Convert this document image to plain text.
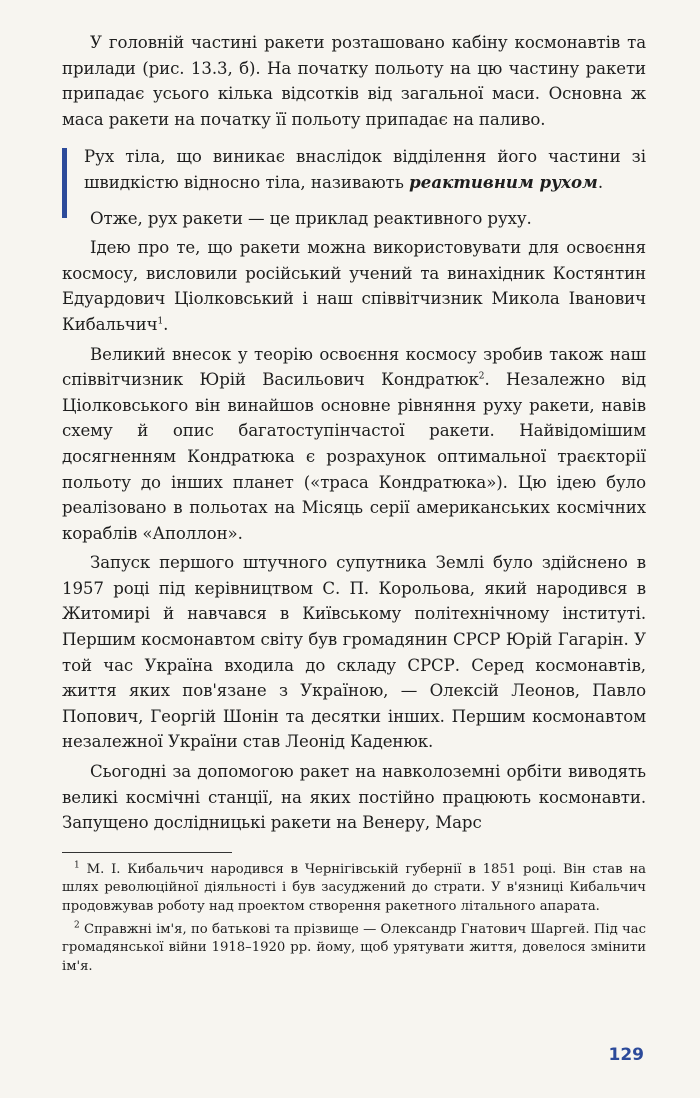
У головній частині ракети розташовано кабіну космонавтів та прилади (рис. 13.3, б). На початку польоту на цю частину ракети припадає усього кілька відсотків від загальної маси. Основна ж маса ракети на початку її польоту припадає на паливо.

Рух тіла, що виникає внаслідок відділення його частини зі швидкістю відносно тіла, називають реактивним рухом.

Отже, рух ракети — це приклад реактивного руху.

Ідею про те, що ракети можна використовувати для освоєння космосу, висловили російський учений та винахідник Костянтин Едуардович Ціолковський і наш співвітчизник Микола Іванович Кибальчич$^1$.

Великий внесок у теорію освоєння космосу зробив також наш співвітчизник Юрій Васильович Кондратюк$^2$. Незалежно від Ціолковського він винайшов основне рівняння руху ракети, навів схему й опис багатоступінчастої ракети. Найвідомішим досягненням Кондратюка є розрахунок оптимальної траєкторії польоту до інших планет («траса Кондратюка»). Цю ідею було реалізовано в польотах на Місяць серії американських космічних кораблів «Аполлон».

Запуск першого штучного супутника Землі було здійснено в 1957 році під керівництвом С. П. Корольова, який народився в Житомирі й навчався в Київському політехнічному інституті. Першим космонавтом світу був громадянин СРСР Юрій Гагарін. У той час Україна входила до складу СРСР. Серед космонавтів, життя яких пов'язане з Україною, — Олексій Леонов, Павло Попович, Георгій Шонін та десятки інших. Першим космонавтом незалежної України став Леонід Каденюк.

Сьогодні за допомогою ракет на навколоземні орбіти виводять великі космічні станції, на яких постійно працюють космонавти. Запущено дослідницькі ракети на Венеру, Марс

$^1$ М. І. Кибальчич народився в Чернігівській губернії в 1851 році. Він став на шлях революційної діяльності і був засуджений до страти. У в'язниці Кибальчич продовжував роботу над проектом створення ракетного літального апарата.

$^2$ Справжні ім'я, по батькові та прізвище — Олександр Гнатович Шаргей. Під час громадянської війни 1918–1920 рр. йому, щоб урятувати життя, довелося змінити ім'я.

129
